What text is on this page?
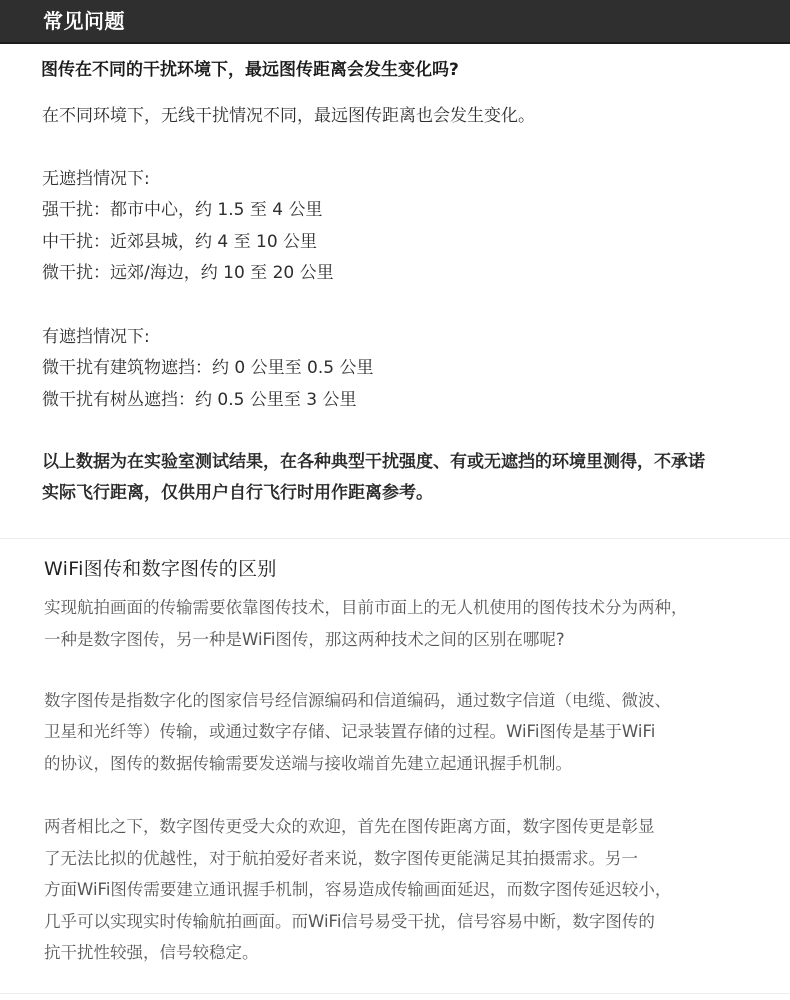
常见问题
图传在不同的干扰环境下，最远图传距离会发生变化吗?
在不同环境下，无线干扰情况不同，最远图传距离也会发生变化。
无遮挡情况下:
强干扰：都市中心，约 1.5 至 4 公里
中干扰：近郊县城，约 4 至 10 公里
微干扰：远郊/海边，约 10 至 20 公里
有遮挡情况下:
微干扰有建筑物遮挡：约 0 公里至 0.5 公里
微干扰有树丛遮挡：约 0.5 公里至 3 公里
以上数据为在实验室测试结果，在各种典型干扰强度、有或无遮挡的环境里测得，不承诺
实际飞行距离，仅供用户自行飞行时用作距离参考。
WiFi图传和数字图传的区别
实现航拍画面的传输需要依靠图传技术，目前市面上的无人机使用的图传技术分为两种，
一种是数字图传，另一种是WiFi图传，那这两种技术之间的区别在哪呢?
数字图传是指数字化的图家信号经信源编码和信道编码，通过数字信道（电缆、微波、
卫星和光纤等）传输，或通过数字存储、记录装置存储的过程。WiFi图传是基于WiFi
的协议，图传的数据传输需要发送端与接收端首先建立起通讯握手机制。
两者相比之下，数字图传更受大众的欢迎，首先在图传距离方面，数字图传更是彰显
了无法比拟的优越性，对于航拍爱好者来说，数字图传更能满足其拍摄需求。另一
方面WiFi图传需要建立通讯握手机制，容易造成传输画面延迟，而数字图传延迟较小，
几乎可以实现实时传输航拍画面。而WiFi信号易受干扰，信号容易中断，数字图传的
抗干扰性较强，信号较稳定。
